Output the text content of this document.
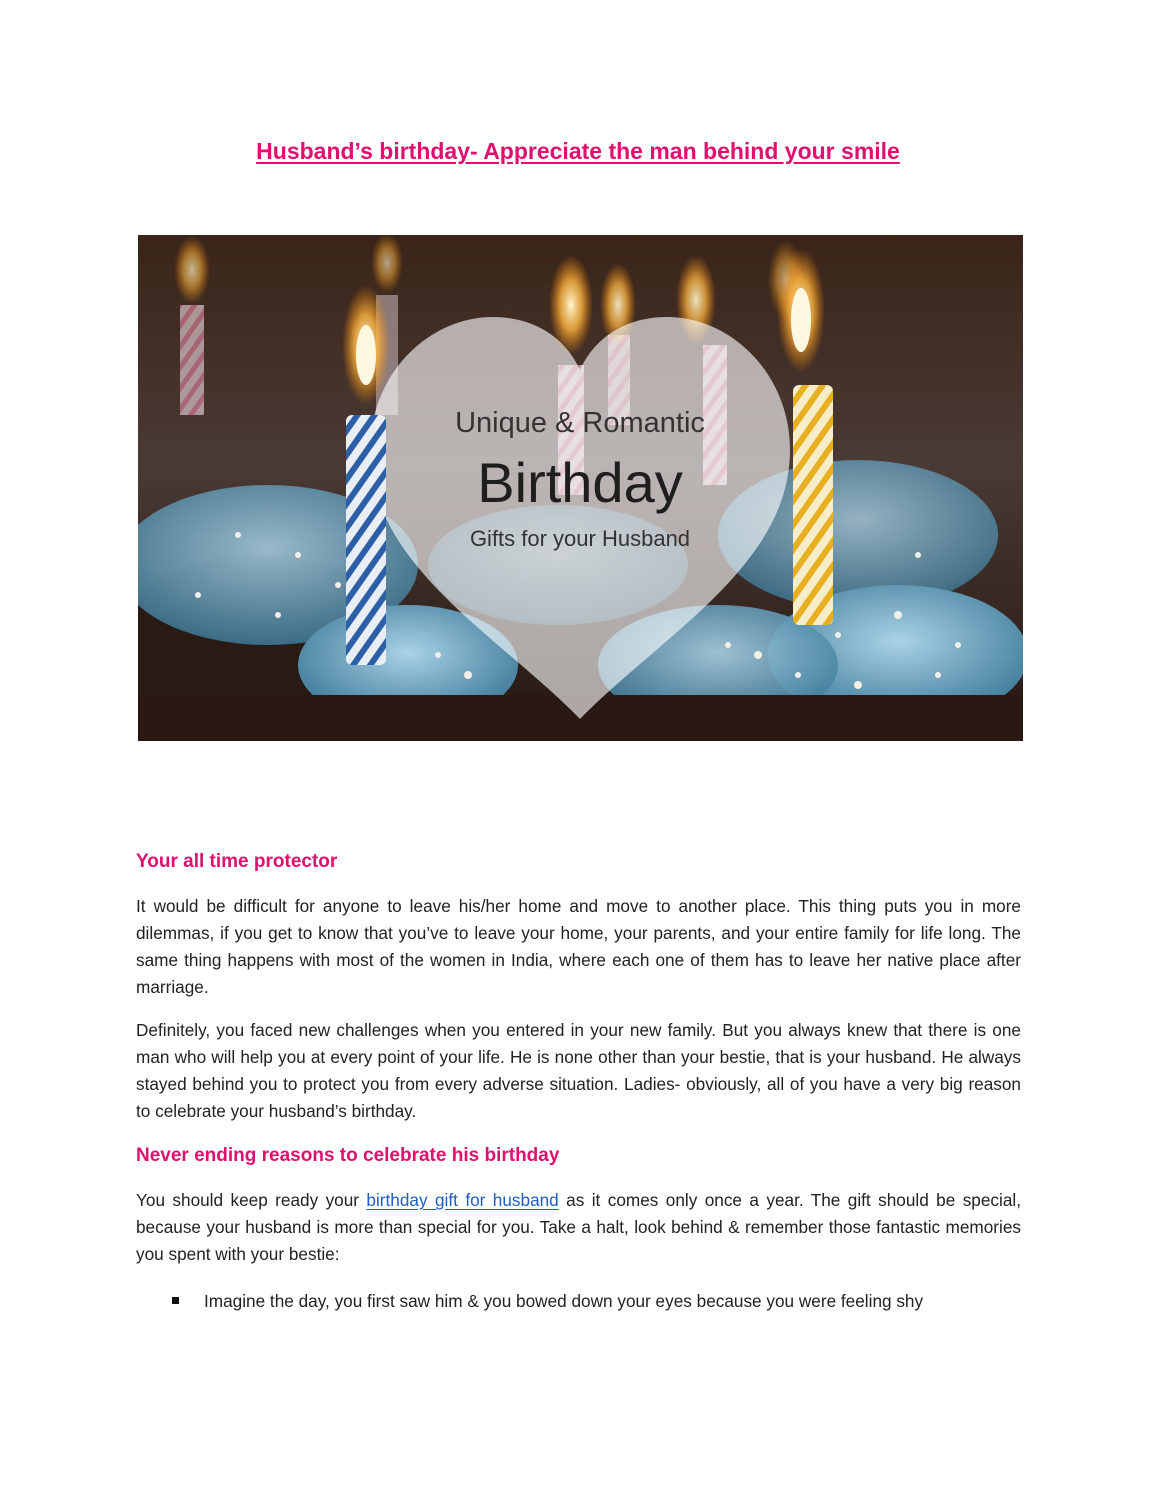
Husband’s birthday- Appreciate the man behind your smile
Unique & Romantic
Birthday
Gifts for your Husband
Your all time protector

It would be difficult for anyone to leave his/her home and move to another place. This thing puts you in more dilemmas, if you get to know that you’ve to leave your home, your parents, and your entire family for life long. The same thing happens with most of the women in India, where each one of them has to leave her native place after marriage.

Definitely, you faced new challenges when you entered in your new family. But you always knew that there is one man who will help you at every point of your life. He is none other than your bestie, that is your husband. He always stayed behind you to protect you from every adverse situation. Ladies- obviously, all of you have a very big reason to celebrate your husband’s birthday.

Never ending reasons to celebrate his birthday

You should keep ready your birthday gift for husband as it comes only once a year. The gift should be special, because your husband is more than special for you. Take a halt, look behind & remember those fantastic memories you spent with your bestie:

Imagine the day, you first saw him & you bowed down your eyes because you were feeling shy
